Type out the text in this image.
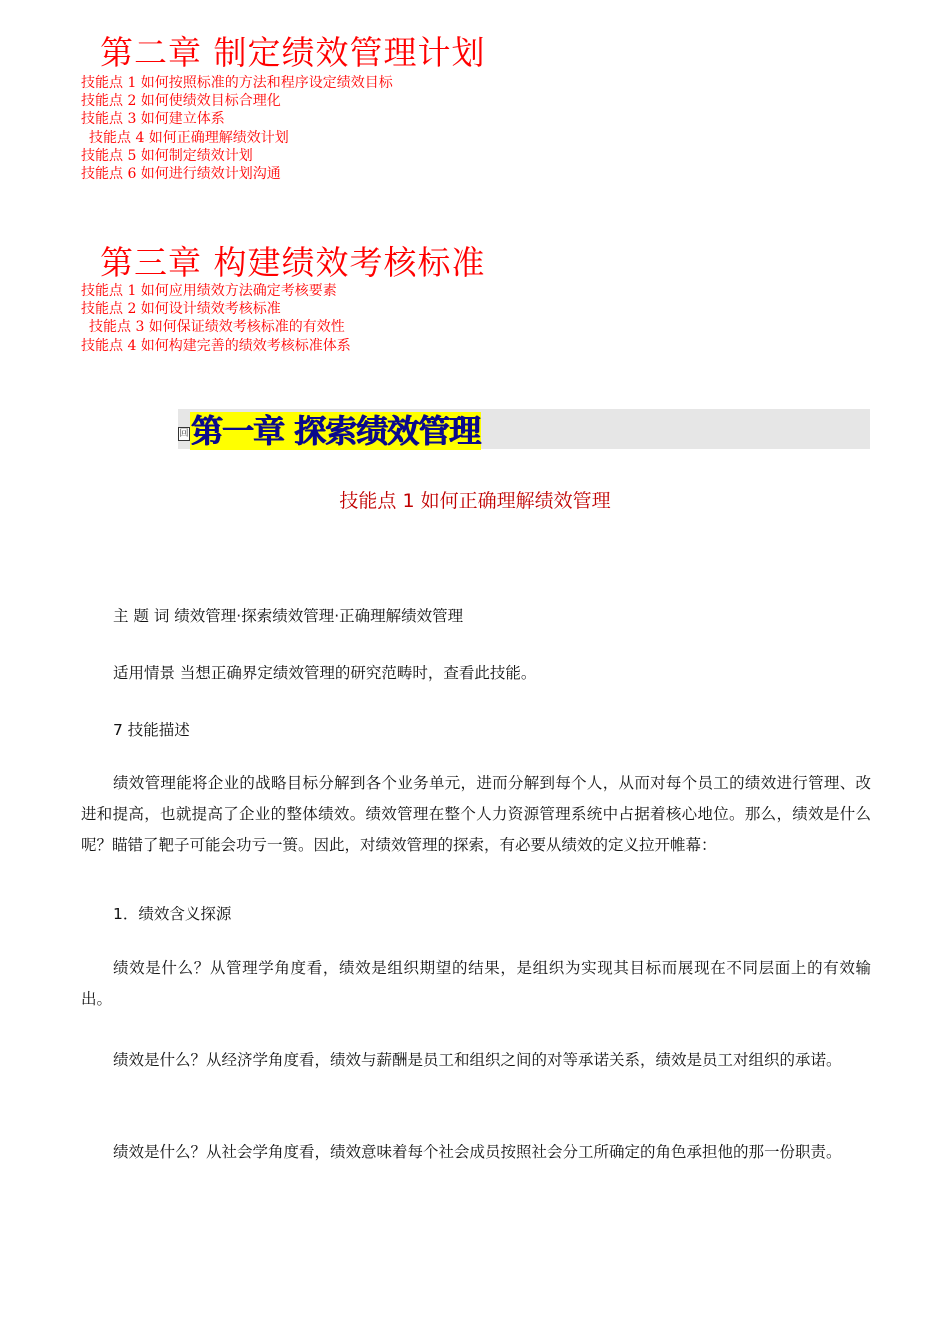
第二章 制定绩效管理计划
技能点 1 如何按照标准的方法和程序设定绩效目标
技能点 2 如何使绩效目标合理化
技能点 3 如何建立体系
技能点 4 如何正确理解绩效计划
技能点 5 如何制定绩效计划
技能点 6 如何进行绩效计划沟通
第三章 构建绩效考核标准
技能点 1 如何应用绩效方法确定考核要素
技能点 2 如何设计绩效考核标准
技能点 3 如何保证绩效考核标准的有效性
技能点 4 如何构建完善的绩效考核标准体系
回 第一章 探索绩效管理
技能点 1 如何正确理解绩效管理

主 题 词 绩效管理·探索绩效管理·正确理解绩效管理

适用情景 当想正确界定绩效管理的研究范畴时，查看此技能。

7 技能描述

绩效管理能将企业的战略目标分解到各个业务单元，进而分解到每个人，从而对每个员工的绩效进行管理、改进和提高，也就提高了企业的整体绩效。绩效管理在整个人力资源管理系统中占据着核心地位。那么，绩效是什么呢？瞄错了靶子可能会功亏一篑。因此，对绩效管理的探索，有必要从绩效的定义拉开帷幕：

1．绩效含义探源

绩效是什么？从管理学角度看，绩效是组织期望的结果，是组织为实现其目标而展现在不同层面上的有效输出。

绩效是什么？从经济学角度看，绩效与薪酬是员工和组织之间的对等承诺关系，绩效是员工对组织的承诺。

绩效是什么？从社会学角度看，绩效意味着每个社会成员按照社会分工所确定的角色承担他的那一份职责。
